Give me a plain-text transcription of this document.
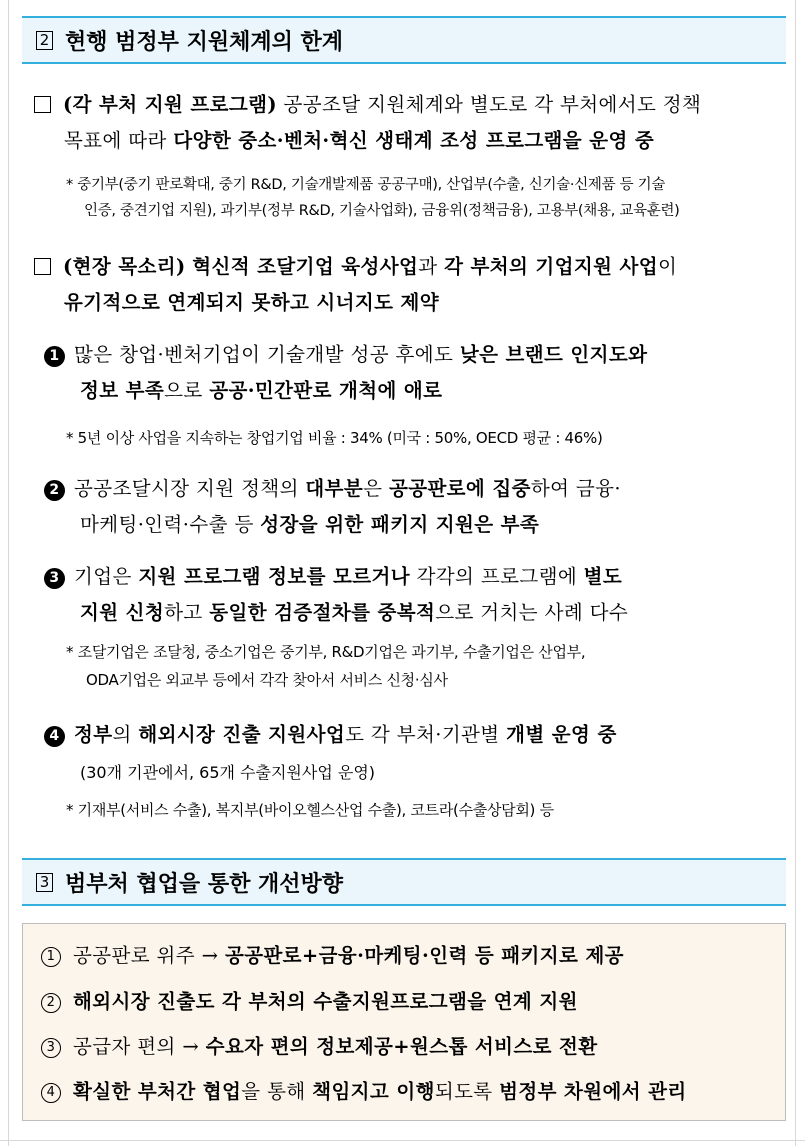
2 현행 범정부 지원체계의 한계
(각 부처 지원 프로그램) 공공조달 지원체계와 별도로 각 부처에서도 정책
목표에 따라 다양한 중소·벤처·혁신 생태계 조성 프로그램을 운영 중
* 중기부(중기 판로확대, 중기 R&D, 기술개발제품 공공구매), 산업부(수출, 신기술·신제품 등 기술
인증, 중견기업 지원), 과기부(정부 R&D, 기술사업화), 금융위(정책금융), 고용부(채용, 교육훈련)
(현장 목소리) 혁신적 조달기업 육성사업과 각 부처의 기업지원 사업이
유기적으로 연계되지 못하고 시너지도 제약
1 많은 창업·벤처기업이 기술개발 성공 후에도 낮은 브랜드 인지도와
정보 부족으로 공공·민간판로 개척에 애로
* 5년 이상 사업을 지속하는 창업기업 비율 : 34% (미국 : 50%, OECD 평균 : 46%)
2 공공조달시장 지원 정책의 대부분은 공공판로에 집중하여 금융·
마케팅·인력·수출 등 성장을 위한 패키지 지원은 부족
3 기업은 지원 프로그램 정보를 모르거나 각각의 프로그램에 별도
지원 신청하고 동일한 검증절차를 중복적으로 거치는 사례 다수
* 조달기업은 조달청, 중소기업은 중기부, R&D기업은 과기부, 수출기업은 산업부,
ODA기업은 외교부 등에서 각각 찾아서 서비스 신청·심사
4 정부의 해외시장 진출 지원사업도 각 부처·기관별 개별 운영 중
(30개 기관에서, 65개 수출지원사업 운영)
* 기재부(서비스 수출), 복지부(바이오헬스산업 수출), 코트라(수출상담회) 등
3 범부처 협업을 통한 개선방향
1 공공판로 위주 → 공공판로+금융·마케팅·인력 등 패키지로 제공
2 해외시장 진출도 각 부처의 수출지원프로그램을 연계 지원
3 공급자 편의 → 수요자 편의 정보제공+원스톱 서비스로 전환
4 확실한 부처간 협업을 통해 책임지고 이행되도록 범정부 차원에서 관리
